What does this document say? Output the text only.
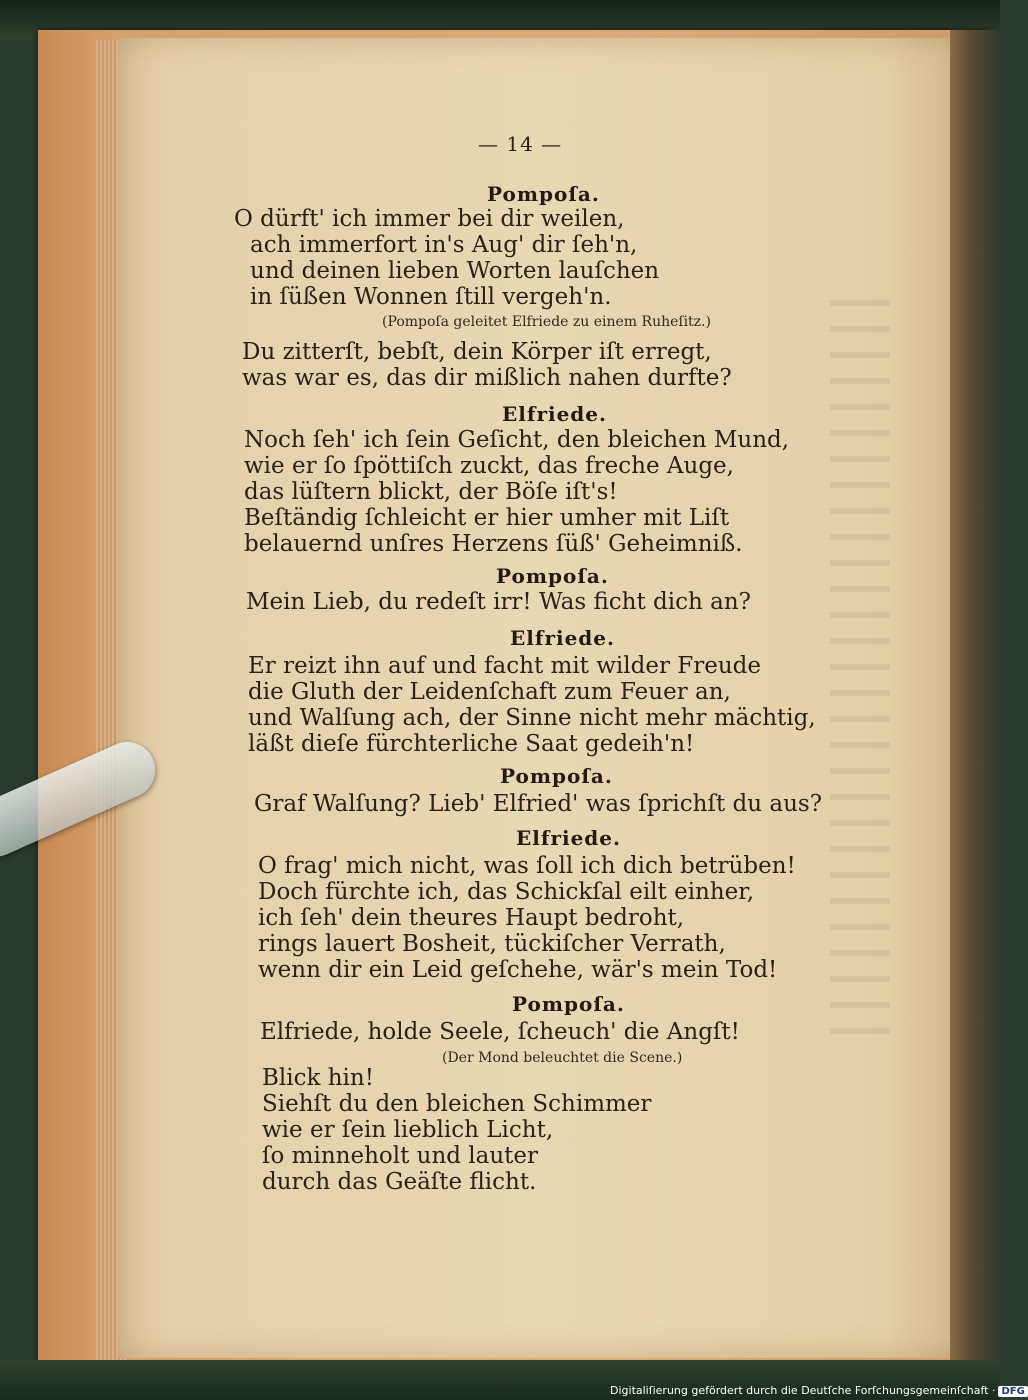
— 14 —
Pompoſa.
O dürft' ich immer bei dir weilen,
ach immerfort in's Aug' dir ſeh'n,
und deinen lieben Worten lauſchen
in ſüßen Wonnen ſtill vergeh'n.
(Pompoſa geleitet Elfriede zu einem Ruheſitz.)
Du zitterſt, bebſt, dein Körper iſt erregt,
was war es, das dir mißlich nahen durfte?
Elfriede.
Noch ſeh' ich ſein Geſicht, den bleichen Mund,
wie er ſo ſpöttiſch zuckt, das freche Auge,
das lüſtern blickt, der Böſe iſt's!
Beſtändig ſchleicht er hier umher mit Liſt
belauernd unſres Herzens ſüß' Geheimniß.
Pompoſa.
Mein Lieb, du redeſt irr! Was ficht dich an?
Elfriede.
Er reizt ihn auf und facht mit wilder Freude
die Gluth der Leidenſchaft zum Feuer an,
und Walſung ach, der Sinne nicht mehr mächtig,
läßt dieſe fürchterliche Saat gedeih'n!
Pompoſa.
Graf Walſung? Lieb' Elfried' was ſprichſt du aus?
Elfriede.
O frag' mich nicht, was ſoll ich dich betrüben!
Doch fürchte ich, das Schickſal eilt einher,
ich ſeh' dein theures Haupt bedroht,
rings lauert Bosheit, tückiſcher Verrath,
wenn dir ein Leid geſchehe, wär's mein Tod!
Pompoſa.
Elfriede, holde Seele, ſcheuch' die Angſt!
(Der Mond beleuchtet die Scene.)
Blick hin!
Siehſt du den bleichen Schimmer
wie er ſein lieblich Licht,
ſo minneholt und lauter
durch das Geäſte flicht.
Digitaliſierung gefördert durch die Deutſche Forſchungsgemeinſchaft · DFG
